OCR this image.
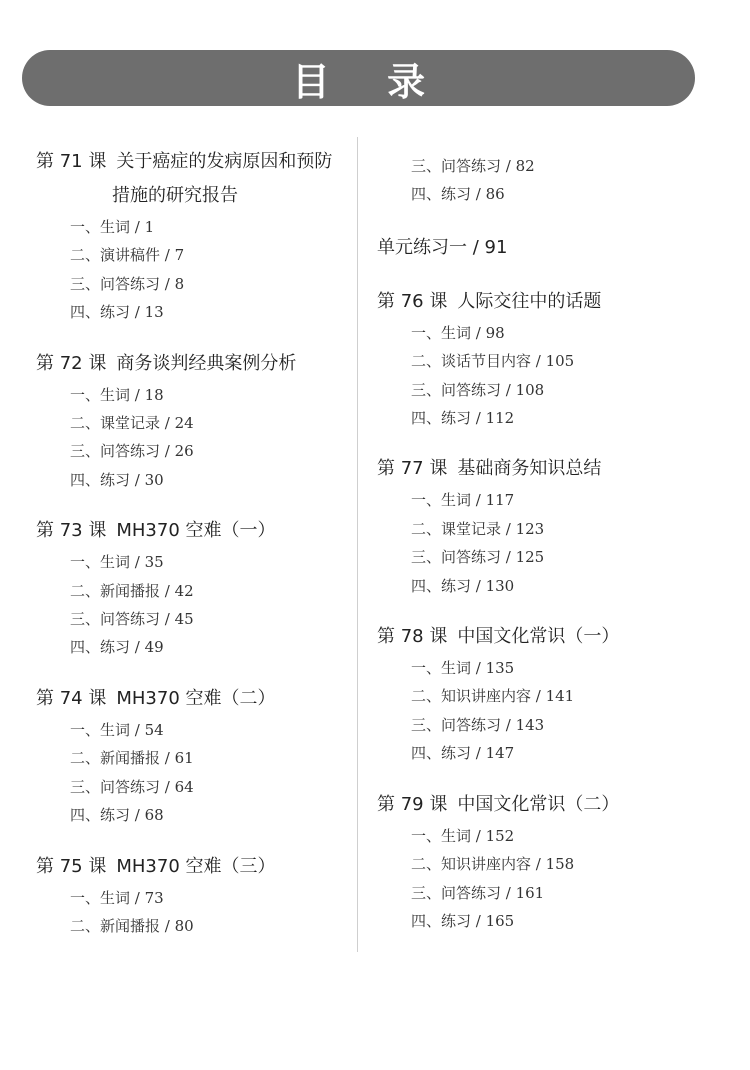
目 录
第 71 课 关于癌症的发病原因和预防
措施的研究报告
一、生词 / 1
二、演讲稿件 / 7
三、问答练习 / 8
四、练习 / 13
第 72 课 商务谈判经典案例分析
一、生词 / 18
二、课堂记录 / 24
三、问答练习 / 26
四、练习 / 30
第 73 课 MH370 空难（一）
一、生词 / 35
二、新闻播报 / 42
三、问答练习 / 45
四、练习 / 49
第 74 课 MH370 空难（二）
一、生词 / 54
二、新闻播报 / 61
三、问答练习 / 64
四、练习 / 68
第 75 课 MH370 空难（三）
一、生词 / 73
二、新闻播报 / 80
三、问答练习 / 82
四、练习 / 86
单元练习一 / 91
第 76 课 人际交往中的话题
一、生词 / 98
二、谈话节目内容 / 105
三、问答练习 / 108
四、练习 / 112
第 77 课 基础商务知识总结
一、生词 / 117
二、课堂记录 / 123
三、问答练习 / 125
四、练习 / 130
第 78 课 中国文化常识（一）
一、生词 / 135
二、知识讲座内容 / 141
三、问答练习 / 143
四、练习 / 147
第 79 课 中国文化常识（二）
一、生词 / 152
二、知识讲座内容 / 158
三、问答练习 / 161
四、练习 / 165
